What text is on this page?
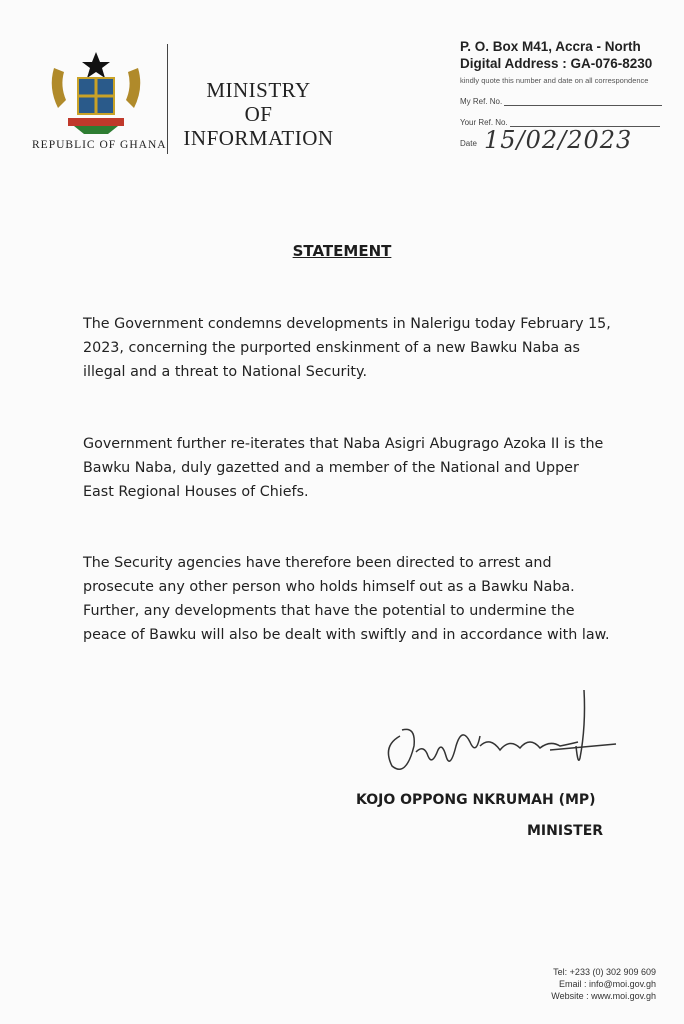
REPUBLIC OF GHANA
MINISTRY
OF
INFORMATION
P. O. Box M41, Accra - North
Digital Address : GA-076-8230
kindly quote this number and date on all correspondence
My Ref. No.
Your Ref. No.
Date 15/02/2023
STATEMENT
The Government condemns developments in Nalerigu today February 15, 2023, concerning the purported enskinment of a new Bawku Naba as illegal and a threat to National Security.
Government further re-iterates that Naba Asigri Abugrago Azoka II is the Bawku Naba, duly gazetted and a member of the National and Upper East Regional Houses of Chiefs.
The Security agencies have therefore been directed to arrest and prosecute any other person who holds himself out as a Bawku Naba. Further, any developments that have the potential to undermine the peace of Bawku will also be dealt with swiftly and in accordance with law.
KOJO OPPONG NKRUMAH (MP)
MINISTER
Tel: +233 (0) 302 909 609
Email : info@moi.gov.gh
Website : www.moi.gov.gh
